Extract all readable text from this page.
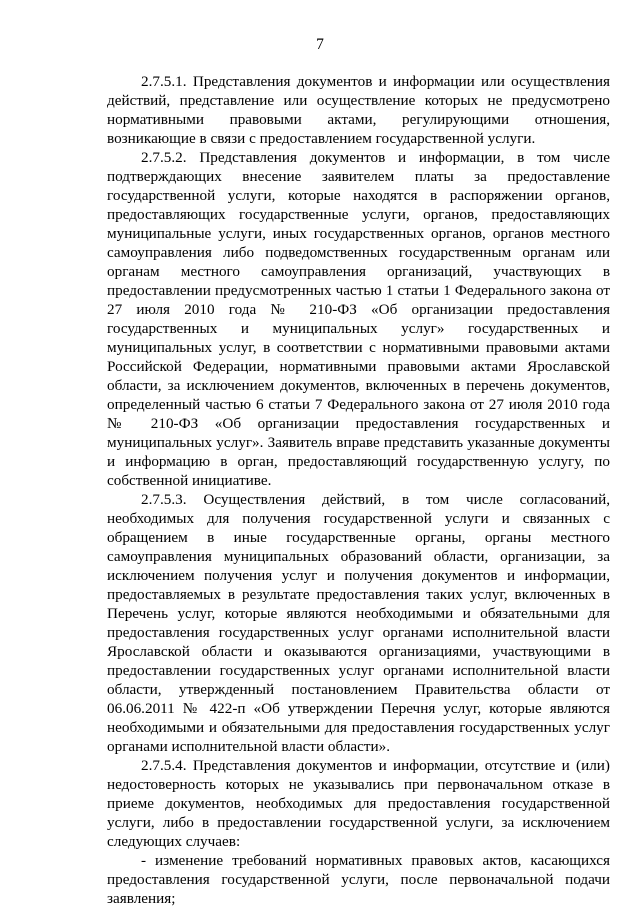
7

2.7.5.1. Представления документов и информации или осуществления действий, представление или осуществление которых не предусмотрено нормативными правовыми актами, регулирующими отношения, возникающие в связи с предоставлением государственной услуги.

2.7.5.2. Представления документов и информации, в том числе подтверждающих внесение заявителем платы за предоставление государственной услуги, которые находятся в распоряжении органов, предоставляющих государственные услуги, органов, предоставляющих муниципальные услуги, иных государственных органов, органов местного самоуправления либо подведомственных государственным органам или органам местного самоуправления организаций, участвующих в предоставлении предусмотренных частью 1 статьи 1 Федерального закона от 27 июля 2010 года № 210-ФЗ «Об организации предоставления государственных и муниципальных услуг» государственных и муниципальных услуг, в соответствии с нормативными правовыми актами Российской Федерации, нормативными правовыми актами Ярославской области, за исключением документов, включенных в перечень документов, определенный частью 6 статьи 7 Федерального закона от 27 июля 2010 года № 210-ФЗ «Об организации предоставления государственных и муниципальных услуг». Заявитель вправе представить указанные документы и информацию в орган, предоставляющий государственную услугу, по собственной инициативе.

2.7.5.3. Осуществления действий, в том числе согласований, необходимых для получения государственной услуги и связанных с обращением в иные государственные органы, органы местного самоуправления муниципальных образований области, организации, за исключением получения услуг и получения документов и информации, предоставляемых в результате предоставления таких услуг, включенных в Перечень услуг, которые являются необходимыми и обязательными для предоставления государственных услуг органами исполнительной власти Ярославской области и оказываются организациями, участвующими в предоставлении государственных услуг органами исполнительной власти области, утвержденный постановлением Правительства области от 06.06.2011 № 422-п «Об утверждении Перечня услуг, которые являются необходимыми и обязательными для предоставления государственных услуг органами исполнительной власти области».

2.7.5.4. Представления документов и информации, отсутствие и (или) недостоверность которых не указывались при первоначальном отказе в приеме документов, необходимых для предоставления государственной услуги, либо в предоставлении государственной услуги, за исключением следующих случаев:

- изменение требований нормативных правовых актов, касающихся предоставления государственной услуги, после первоначальной подачи заявления;
